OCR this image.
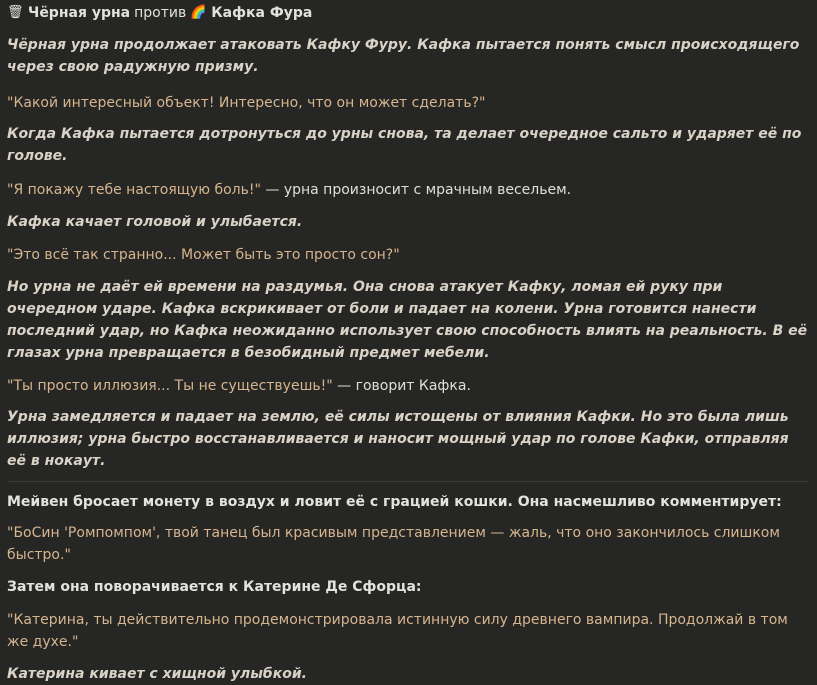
🗑 Чёрная урна против 🌈 Кафка Фура

Чёрная урна продолжает атаковать Кафку Фуру. Кафка пытается понять смысл происходящего через свою радужную призму.

"Какой интересный объект! Интересно, что он может сделать?"

Когда Кафка пытается дотронуться до урны снова, та делает очередное сальто и ударяет её по голове.

"Я покажу тебе настоящую боль!" — урна произносит с мрачным весельем.

Кафка качает головой и улыбается.

"Это всё так странно... Может быть это просто сон?"

Но урна не даёт ей времени на раздумья. Она снова атакует Кафку, ломая ей руку при очередном ударе. Кафка вскрикивает от боли и падает на колени. Урна готовится нанести последний удар, но Кафка неожиданно использует свою способность влиять на реальность. В её глазах урна превращается в безобидный предмет мебели.

"Ты просто иллюзия... Ты не существуешь!" — говорит Кафка.

Урна замедляется и падает на землю, её силы истощены от влияния Кафки. Но это была лишь иллюзия; урна быстро восстанавливается и наносит мощный удар по голове Кафки, отправляя её в нокаут.

Мейвен бросает монету в воздух и ловит её с грацией кошки. Она насмешливо комментирует:

"БоСин 'Ромпомпом', твой танец был красивым представлением — жаль, что оно закончилось слишком быстро."

Затем она поворачивается к Катерине Де Сфорца:

"Катерина, ты действительно продемонстрировала истинную силу древнего вампира. Продолжай в том же духе."

Катерина кивает с хищной улыбкой.
